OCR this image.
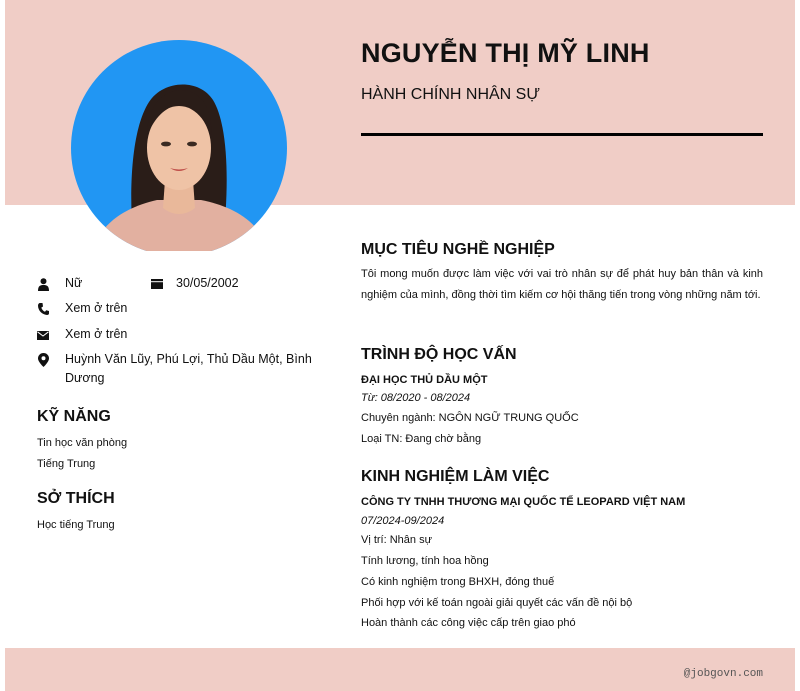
NGUYỄN THỊ MỸ LINH
HÀNH CHÍNH NHÂN SỰ
Nữ	30/05/2002
Xem ở trên
Xem ở trên
Huỳnh Văn Lũy, Phú Lợi, Thủ Dầu Một, Bình Dương
KỸ NĂNG
Tin học văn phòng
Tiếng Trung
SỞ THÍCH
Học tiếng Trung
MỤC TIÊU NGHỀ NGHIỆP
Tôi mong muốn được làm việc với vai trò nhân sự để phát huy bản thân và kinh nghiệm của mình, đồng thời tìm kiếm cơ hội thăng tiến trong vòng những năm tới.
TRÌNH ĐỘ HỌC VẤN
ĐẠI HỌC THỦ DẦU MỘT
Từ: 08/2020 - 08/2024
Chuyên ngành: NGÔN NGỮ TRUNG QUỐC
Loại TN: Đang chờ bằng
KINH NGHIỆM LÀM VIỆC
CÔNG TY TNHH THƯƠNG MẠI QUỐC TẾ LEOPARD VIỆT NAM
07/2024-09/2024
Vị trí: Nhân sự
Tính lương, tính hoa hồng
Có kinh nghiệm trong BHXH, đóng thuế
Phối hợp với kế toán ngoài giải quyết các vấn đề nội bộ
Hoàn thành các công việc cấp trên giao phó
@jobgovn.com
